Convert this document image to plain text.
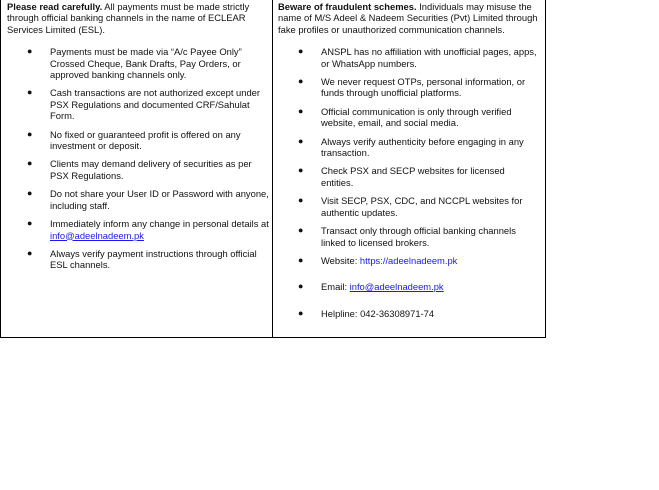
Please read carefully. All payments must be made strictly through official banking channels in the name of ECLEAR Services Limited (ESL).

● Payments must be made via “A/c Payee Only” Crossed Cheque, Bank Drafts, Pay Orders, or approved banking channels only.
● Cash transactions are not authorized except under PSX Regulations and documented CRF/Sahulat Form.
● No fixed or guaranteed profit is offered on any investment or deposit.
● Clients may demand delivery of securities as per PSX Regulations.
● Do not share your User ID or Password with anyone, including staff.
● Immediately inform any change in personal details at info@adeelnadeem.pk
● Always verify payment instructions through official ESL channels.

Beware of fraudulent schemes. Individuals may misuse the name of M/S Adeel & Nadeem Securities (Pvt) Limited through fake profiles or unauthorized communication channels.

● ANSPL has no affiliation with unofficial pages, apps, or WhatsApp numbers.
● We never request OTPs, personal information, or funds through unofficial platforms.
● Official communication is only through verified website, email, and social media.
● Always verify authenticity before engaging in any transaction.
● Check PSX and SECP websites for licensed entities.
● Visit SECP, PSX, CDC, and NCCPL websites for authentic updates.
● Transact only through official banking channels linked to licensed brokers.
● Website: https://adeelnadeem.pk
● Email: info@adeelnadeem.pk
● Helpline: 042-36308971-74
